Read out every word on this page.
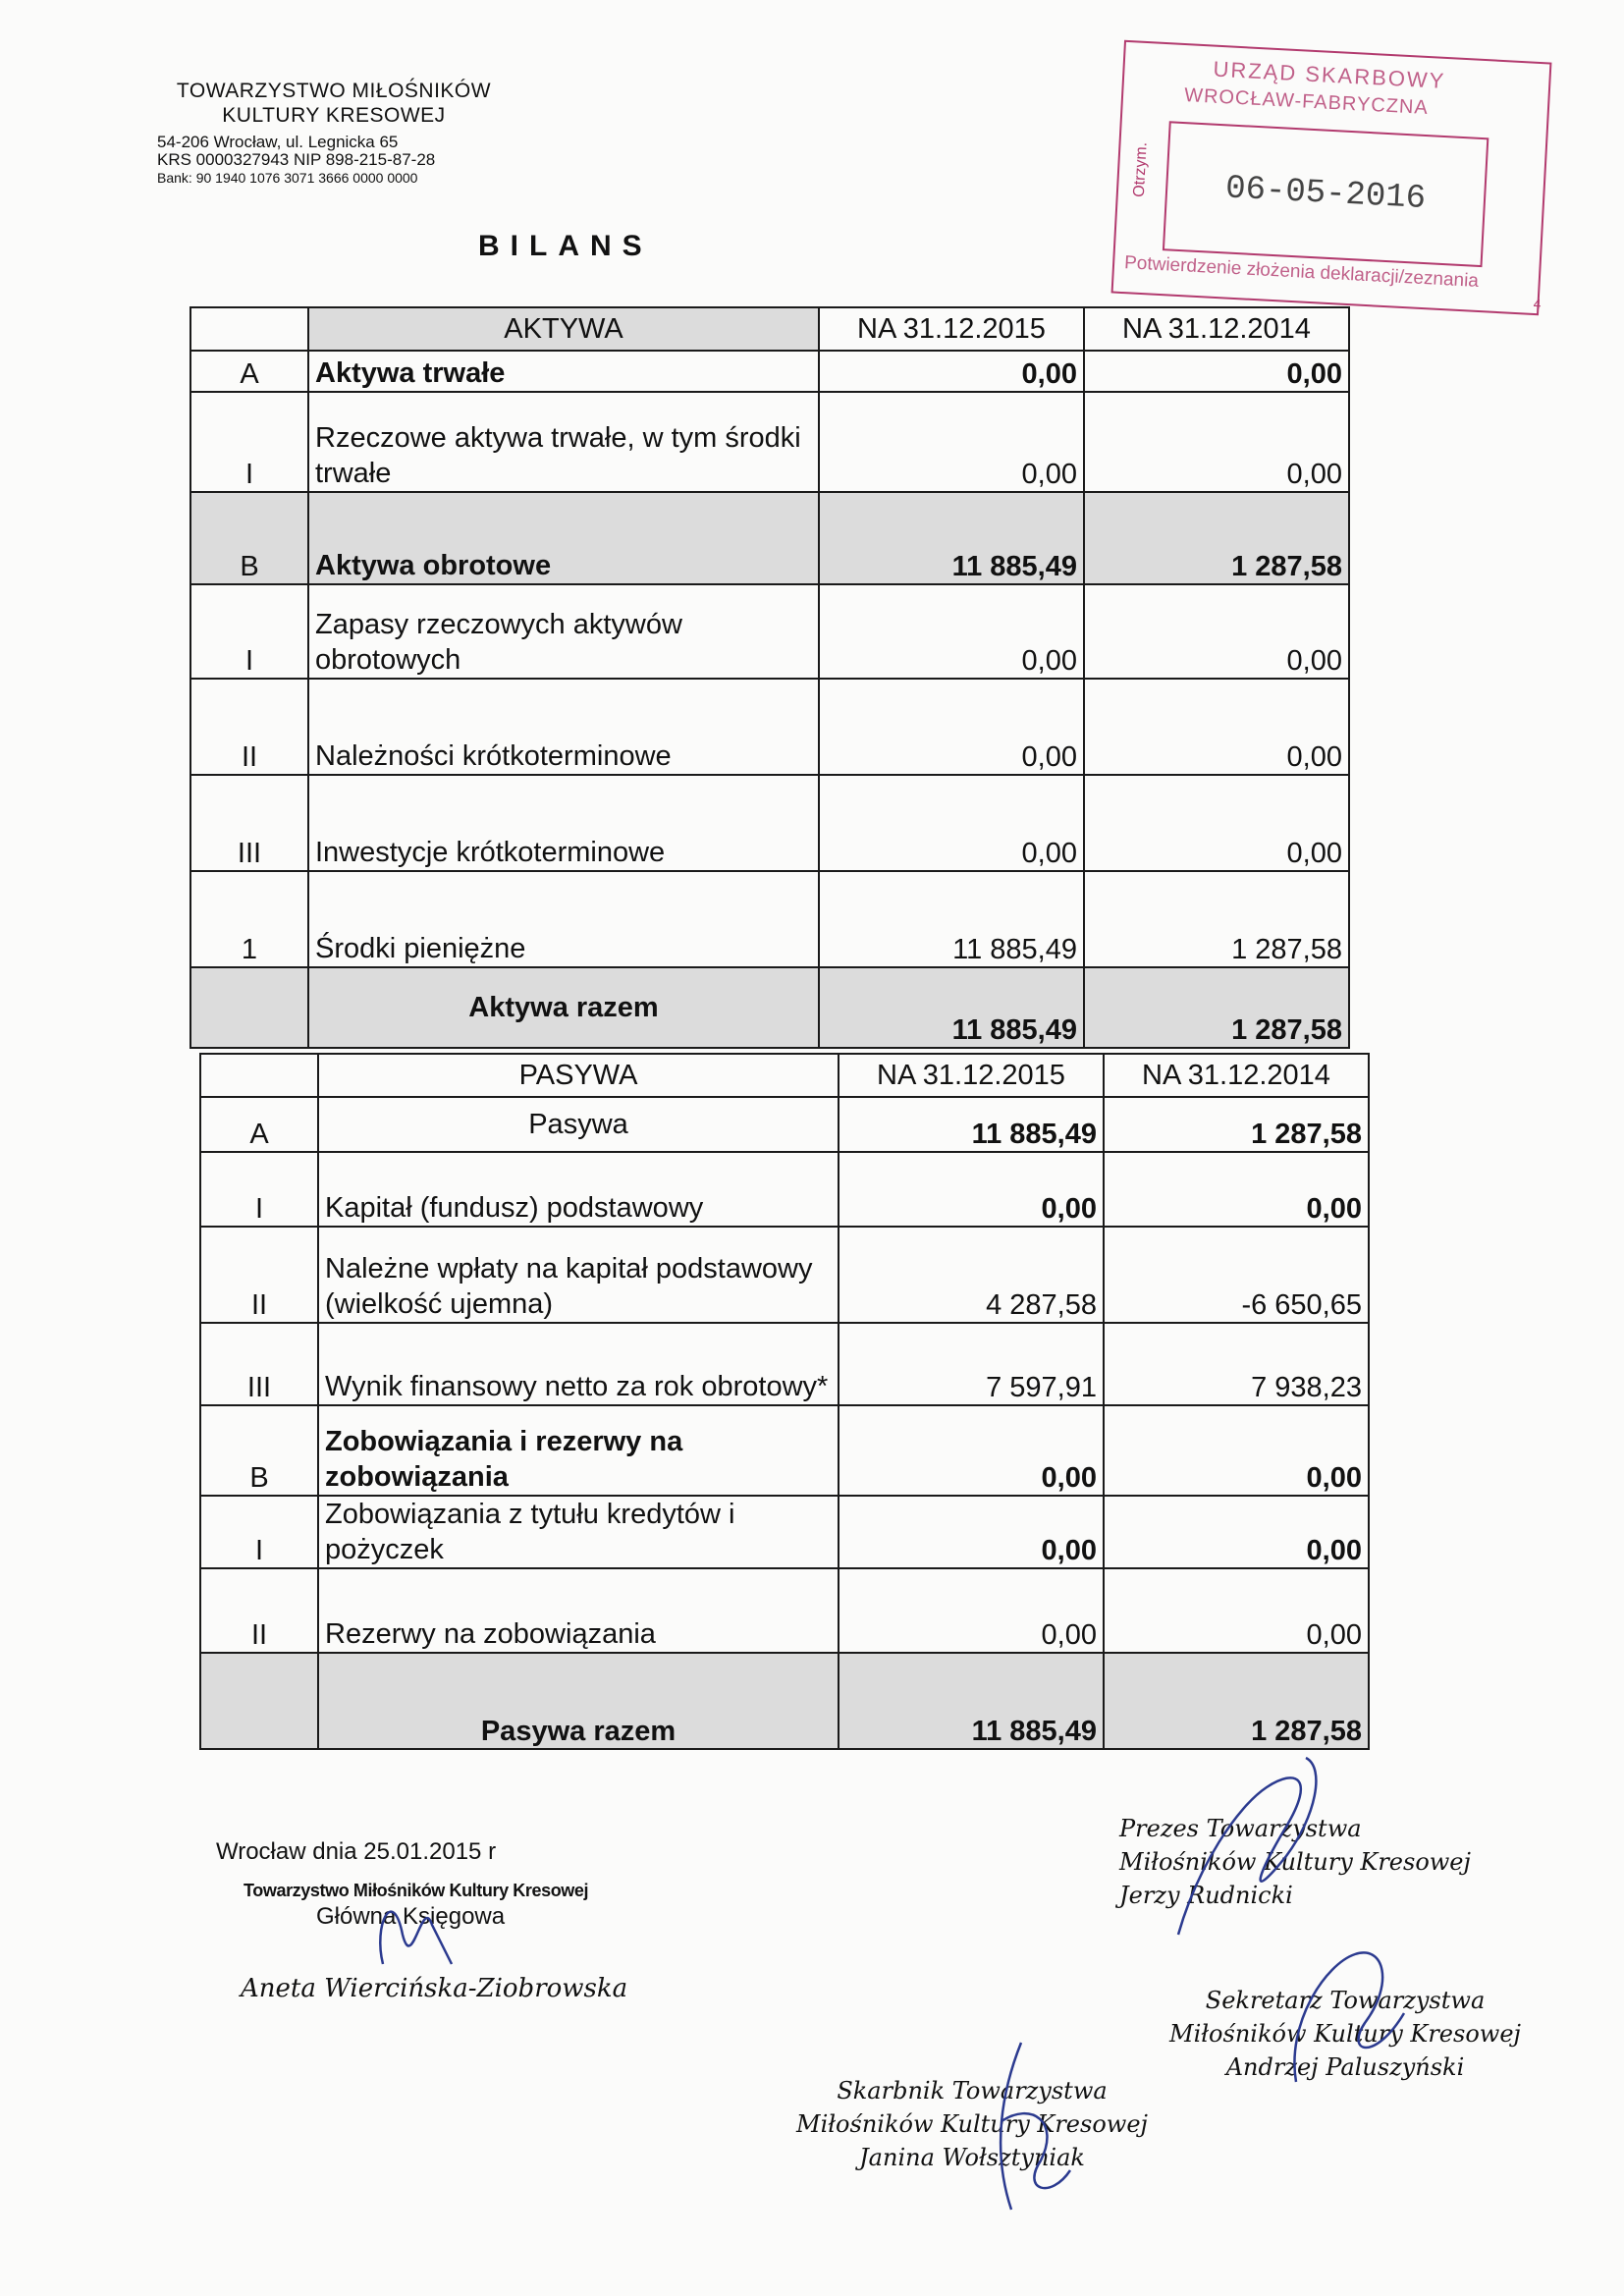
TOWARZYSTWO MIŁOŚNIKÓW
KULTURY KRESOWEJ
54-206 Wrocław, ul. Legnicka 65
KRS 0000327943 NIP 898-215-87-28
Bank: 90 1940 1076 3071 3666 0000 0000
BILANS
URZĄD SKARBOWY
WROCŁAW-FABRYCZNA
Otrzym.	06-05-2016
Potwierdzenie złożenia deklaracji/zeznania
4
	AKTYWA	NA 31.12.2015	NA 31.12.2014
A	Aktywa trwałe	0,00	0,00
I	Rzeczowe aktywa trwałe, w tym środki trwałe	0,00	0,00
B	Aktywa obrotowe	11 885,49	1 287,58
I	Zapasy rzeczowych aktywów obrotowych	0,00	0,00
II	Należności krótkoterminowe	0,00	0,00
III	Inwestycje krótkoterminowe	0,00	0,00
1	Środki pieniężne	11 885,49	1 287,58
	Aktywa razem	11 885,49	1 287,58
	PASYWA	NA 31.12.2015	NA 31.12.2014
A	Pasywa	11 885,49	1 287,58
I	Kapitał (fundusz) podstawowy	0,00	0,00
II	Należne wpłaty na kapitał podstawowy (wielkość ujemna)	4 287,58	-6 650,65
III	Wynik finansowy netto za rok obrotowy*	7 597,91	7 938,23
B	Zobowiązania i rezerwy na zobowiązania	0,00	0,00
I	Zobowiązania z tytułu kredytów i pożyczek	0,00	0,00
II	Rezerwy na zobowiązania	0,00	0,00
	Pasywa razem	11 885,49	1 287,58
Wrocław dnia 25.01.2015 r
Towarzystwo Miłośników Kultury Kresowej
Główna Księgowa
Aneta Wiercińska-Ziobrowska
Prezes Towarzystwa
Miłośników Kultury Kresowej
Jerzy Rudnicki
Sekretarz Towarzystwa
Miłośników Kultury Kresowej
Andrzej Paluszyński
Skarbnik Towarzystwa
Miłośników Kultury Kresowej
Janina Wołsztyniak
